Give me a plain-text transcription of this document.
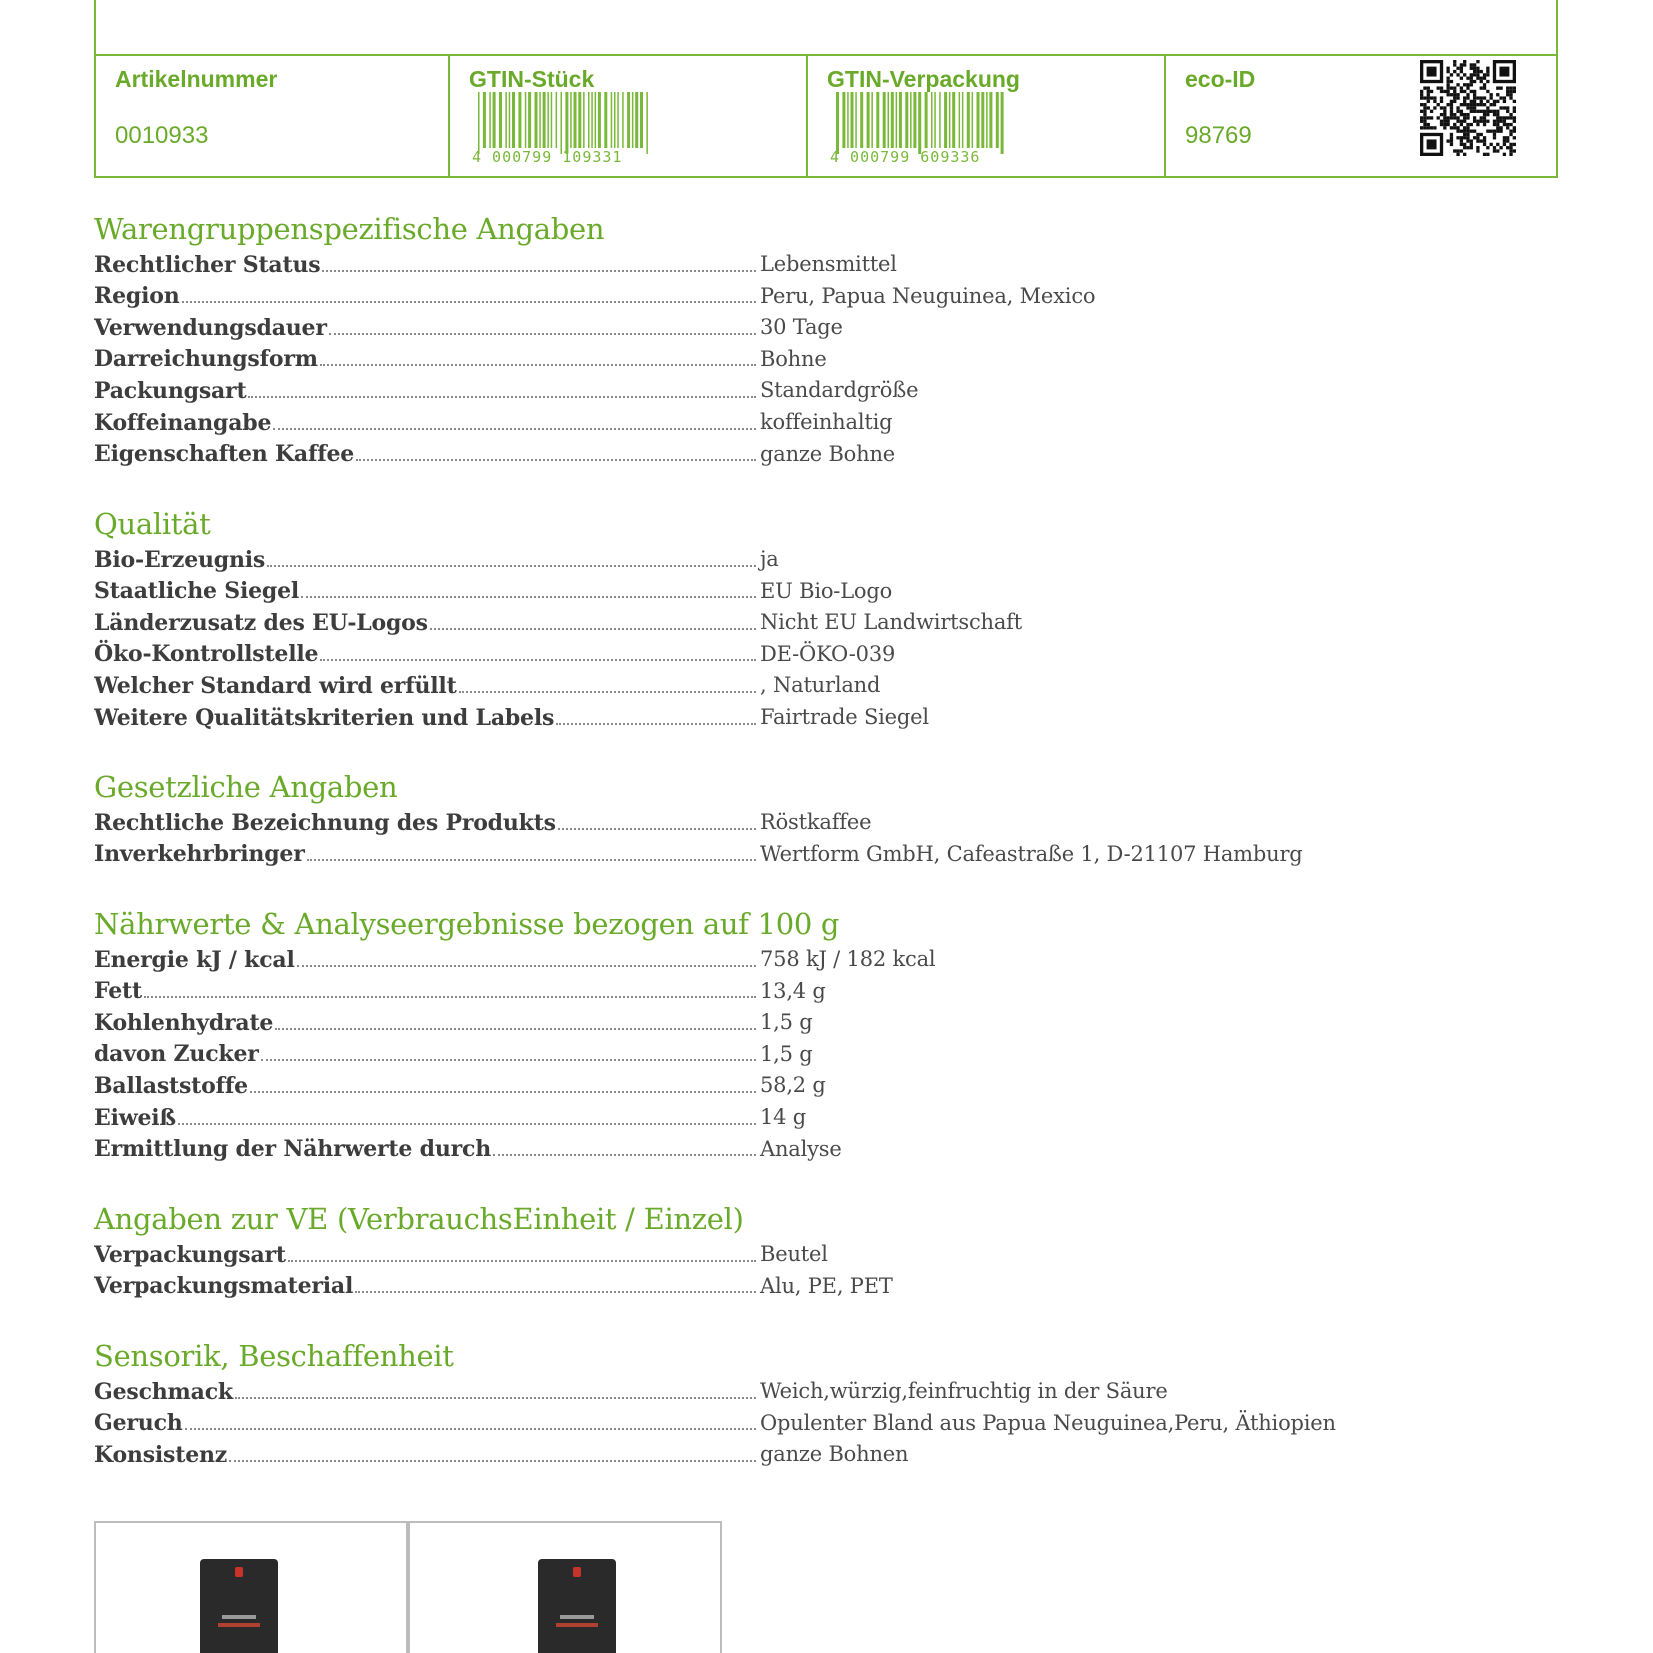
Artikelnummer
0010933
GTIN-Stück
4 000799 109331
GTIN-Verpackung
4 000799 609336
eco-ID
98769
Warengruppenspezifische Angaben
Rechtlicher Status	Lebensmittel
Region	Peru, Papua Neuguinea, Mexico
Verwendungsdauer	30 Tage
Darreichungsform	Bohne
Packungsart	Standardgröße
Koffeinangabe	koffeinhaltig
Eigenschaften Kaffee	ganze Bohne
Qualität
Bio-Erzeugnis	ja
Staatliche Siegel	EU Bio-Logo
Länderzusatz des EU-Logos	Nicht EU Landwirtschaft
Öko-Kontrollstelle	DE-ÖKO-039
Welcher Standard wird erfüllt	, Naturland
Weitere Qualitätskriterien und Labels	Fairtrade Siegel
Gesetzliche Angaben
Rechtliche Bezeichnung des Produkts	Röstkaffee
Inverkehrbringer	Wertform GmbH, Cafeastraße 1, D-21107 Hamburg
Nährwerte & Analyseergebnisse bezogen auf 100 g
Energie kJ / kcal	758 kJ / 182 kcal
Fett	13,4 g
Kohlenhydrate	1,5 g
davon Zucker	1,5 g
Ballaststoffe	58,2 g
Eiweiß	14 g
Ermittlung der Nährwerte durch	Analyse
Angaben zur VE (VerbrauchsEinheit / Einzel)
Verpackungsart	Beutel
Verpackungsmaterial	Alu, PE, PET
Sensorik, Beschaffenheit
Geschmack	Weich,würzig,feinfruchtig in der Säure
Geruch	Opulenter Bland aus Papua Neuguinea,Peru, Äthiopien
Konsistenz	ganze Bohnen
